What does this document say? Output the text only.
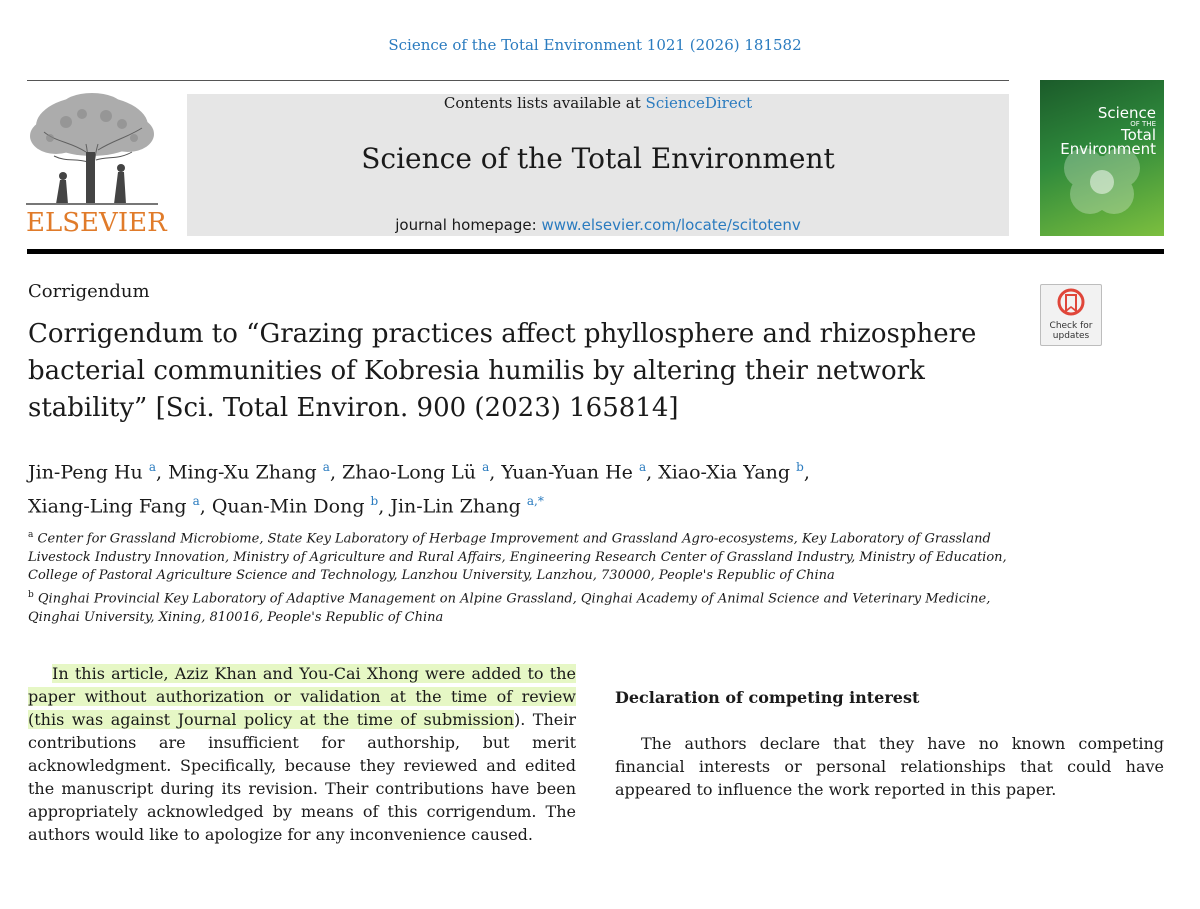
Science of the Total Environment 1021 (2026) 181582
ELSEVIER
Contents lists available at ScienceDirect
Science of the Total Environment
journal homepage: www.elsevier.com/locate/scitotenv
Science
OF THE
Total Environment
Corrigendum
Check for updates
Corrigendum to “Grazing practices affect phyllosphere and rhizosphere bacterial communities of Kobresia humilis by altering their network stability” [Sci. Total Environ. 900 (2023) 165814]
Jin-Peng Hu $^a$, Ming-Xu Zhang $^a$, Zhao-Long Lü $^a$, Yuan-Yuan He $^a$, Xiao-Xia Yang $^b$,
Xiang-Ling Fang $^a$, Quan-Min Dong $^b$, Jin-Lin Zhang $^{a,*}$
$^a$ Center for Grassland Microbiome, State Key Laboratory of Herbage Improvement and Grassland Agro-ecosystems, Key Laboratory of Grassland Livestock Industry Innovation, Ministry of Agriculture and Rural Affairs, Engineering Research Center of Grassland Industry, Ministry of Education, College of Pastoral Agriculture Science and Technology, Lanzhou University, Lanzhou, 730000, People's Republic of China
$^b$ Qinghai Provincial Key Laboratory of Adaptive Management on Alpine Grassland, Qinghai Academy of Animal Science and Veterinary Medicine, Qinghai University, Xining, 810016, People's Republic of China

In this article, Aziz Khan and You-Cai Xhong were added to the paper without authorization or validation at the time of review (this was against Journal policy at the time of submission). Their contributions are insufficient for authorship, but merit acknowledgment. Specifically, because they reviewed and edited the manuscript during its revision. Their contributions have been appropriately acknowledged by means of this corrigendum. The authors would like to apologize for any inconvenience caused.

Declaration of competing interest

The authors declare that they have no known competing financial interests or personal relationships that could have appeared to influence the work reported in this paper.
